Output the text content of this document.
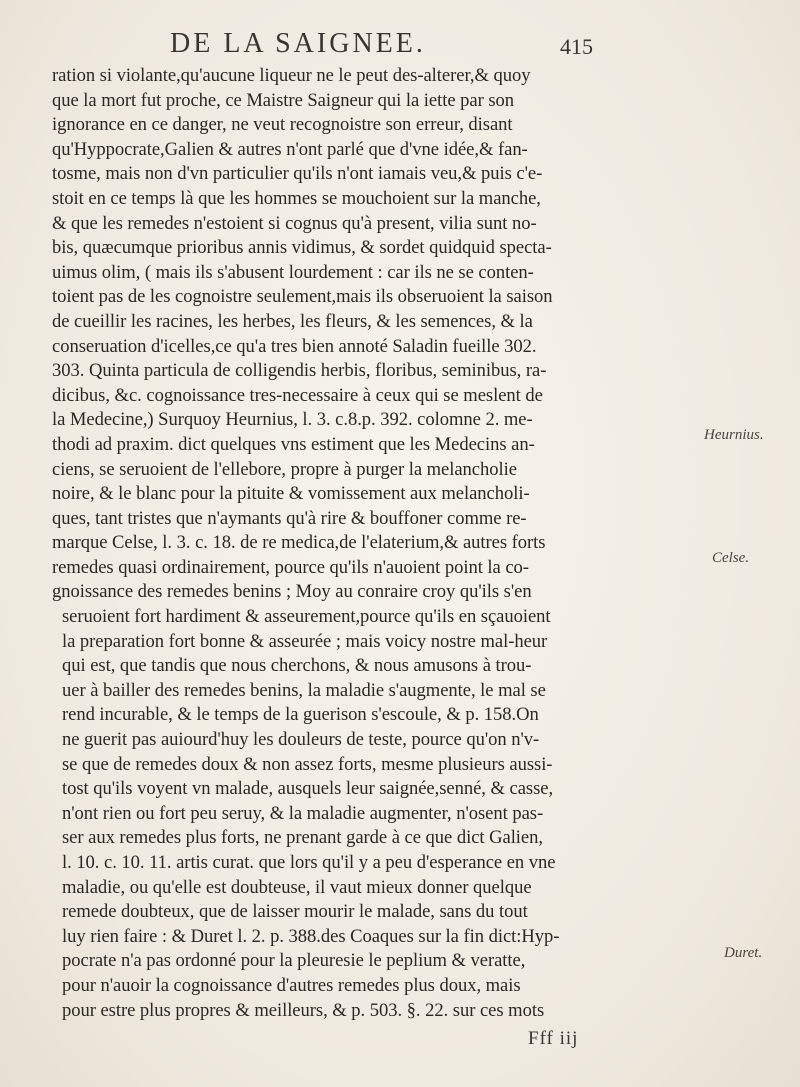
DE LA SAIGNEE.	415
ration si violante,qu'aucune liqueur ne le peut des-alterer,& quoy
que la mort fut proche, ce Maistre Saigneur qui la iette par son
ignorance en ce danger, ne veut recognoistre son erreur, disant
qu'Hyppocrate,Galien & autres n'ont parlé que d'vne idée,& fan-
tosme, mais non d'vn particulier qu'ils n'ont iamais veu,& puis c'e-
stoit en ce temps là que les hommes se mouchoient sur la manche,
& que les remedes n'estoient si cognus qu'à present, vilia sunt no-
bis, quæcumque prioribus annis vidimus, & sordet quidquid specta-
uimus olim, ( mais ils s'abusent lourdement : car ils ne se conten-
toient pas de les cognoistre seulement,mais ils obseruoient la saison
de cueillir les racines, les herbes, les fleurs, & les semences, & la
conseruation d'icelles,ce qu'a tres bien annoté Saladin fueille 302.
303. Quinta particula de colligendis herbis, floribus, seminibus, ra-
dicibus, &c. cognoissance tres-necessaire à ceux qui se meslent de
la Medecine,) Surquoy Heurnius, l. 3. c.8.p. 392. colomne 2. me-
thodi ad praxim. dict quelques vns estiment que les Medecins an-
ciens, se seruoient de l'ellebore, propre à purger la melancholie
noire, & le blanc pour la pituite & vomissement aux melancholi-
ques, tant tristes que n'aymants qu'à rire & bouffoner comme re-
marque Celse, l. 3. c. 18. de re medica,de l'elaterium,& autres forts
remedes quasi ordinairement, pource qu'ils n'auoient point la co-
gnoissance des remedes benins ; Moy au conraire croy qu'ils s'en
seruoient fort hardiment & asseurement,pource qu'ils en sçauoient
la preparation fort bonne & asseurée ; mais voicy nostre mal-heur
qui est, que tandis que nous cherchons, & nous amusons à trou-
uer à bailler des remedes benins, la maladie s'augmente, le mal se
rend incurable, & le temps de la guerison s'escoule, & p. 158.On
ne guerit pas auiourd'huy les douleurs de teste, pource qu'on n'v-
se que de remedes doux & non assez forts, mesme plusieurs aussi-
tost qu'ils voyent vn malade, ausquels leur saignée,senné, & casse,
n'ont rien ou fort peu seruy, & la maladie augmenter, n'osent pas-
ser aux remedes plus forts, ne prenant garde à ce que dict Galien,
l. 10. c. 10. 11. artis curat. que lors qu'il y a peu d'esperance en vne
maladie, ou qu'elle est doubteuse, il vaut mieux donner quelque
remede doubteux, que de laisser mourir le malade, sans du tout
luy rien faire : & Duret l. 2. p. 388.des Coaques sur la fin dict:Hyp-
pocrate n'a pas ordonné pour la pleuresie le peplium & veratte,
pour n'auoir la cognoissance d'autres remedes plus doux, mais
pour estre plus propres & meilleurs, & p. 503. §. 22. sur ces mots
Heurnius.
Celse.
Duret.
Fff iij
